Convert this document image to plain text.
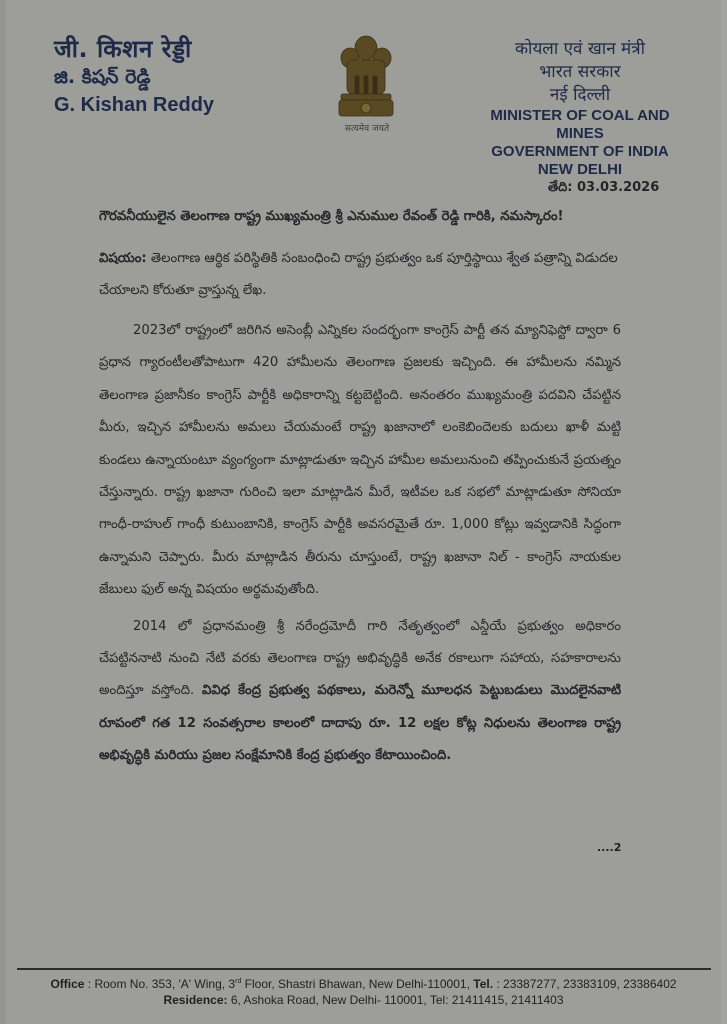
जी. किशन रेड्डी
జి. కిషన్ రెడ్డి
G. Kishan Reddy
सत्यमेव जयते
कोयला एवं खान मंत्री
भारत सरकार
नई दिल्ली
MINISTER OF COAL AND MINES
GOVERNMENT OF INDIA
NEW DELHI
తేది: 03.03.2026
గౌరవనీయులైన తెలంగాణ రాష్ట్ర ముఖ్యమంత్రి శ్రీ ఎనుముల రేవంత్ రెడ్డి గారికి, నమస్కారం!
విషయం: తెలంగాణ ఆర్థిక పరిస్థితికి సంబంధించి రాష్ట్ర ప్రభుత్వం ఒక పూర్తిస్థాయి శ్వేత పత్రాన్ని విడుదల చేయాలని కోరుతూ వ్రాస్తున్న లేఖ.
2023లో రాష్ట్రంలో జరిగిన అసెంబ్లీ ఎన్నికల సందర్భంగా కాంగ్రెస్ పార్టీ తన మ్యానిఫెస్టో ద్వారా 6 ప్రధాన గ్యారంటీలతోపాటుగా 420 హామీలను తెలంగాణ ప్రజలకు ఇచ్చింది. ఈ హామీలను నమ్మిన తెలంగాణ ప్రజానీకం కాంగ్రెస్ పార్టీకి అధికారాన్ని కట్టబెట్టింది. అనంతరం ముఖ్యమంత్రి పదవిని చేపట్టిన మీరు, ఇచ్చిన హామీలను అమలు చేయమంటే రాష్ట్ర ఖజానాలో లంకెబిందెలకు బదులు ఖాళీ మట్టి కుండలు ఉన్నాయంటూ వ్యంగ్యంగా మాట్లాడుతూ ఇచ్చిన హామీల అమలునుంచి తప్పించుకునే ప్రయత్నం చేస్తున్నారు. రాష్ట్ర ఖజానా గురించి ఇలా మాట్లాడిన మీరే, ఇటీవల ఒక సభలో మాట్లాడుతూ సోనియా గాంధీ-రాహుల్ గాంధీ కుటుంబానికి, కాంగ్రెస్ పార్టీకి అవసరమైతే రూ. 1,000 కోట్లు ఇవ్వడానికి సిద్ధంగా ఉన్నామని చెప్పారు. మీరు మాట్లాడిన తీరును చూస్తుంటే, రాష్ట్ర ఖజానా నిల్ - కాంగ్రెస్ నాయకుల జేబులు ఫుల్ అన్న విషయం అర్థమవుతోంది.
2014 లో ప్రధానమంత్రి శ్రీ నరేంద్రమోదీ గారి నేతృత్వంలో ఎన్డీయే ప్రభుత్వం అధికారం చేపట్టిననాటి నుంచి నేటి వరకు తెలంగాణ రాష్ట్ర అభివృద్ధికి అనేక రకాలుగా సహాయ, సహకారాలను అందిస్తూ వస్తోంది. వివిధ కేంద్ర ప్రభుత్వ పథకాలు, మరెన్నో మూలధన పెట్టుబడులు మొదలైనవాటి రూపంలో గత 12 సంవత్సరాల కాలంలో దాదాపు రూ. 12 లక్షల కోట్ల నిధులను తెలంగాణ రాష్ట్ర అభివృద్ధికి మరియు ప్రజల సంక్షేమానికి కేంద్ర ప్రభుత్వం కేటాయించింది.
....2
Office : Room No. 353, 'A' Wing, 3rd Floor, Shastri Bhawan, New Delhi-110001, Tel. : 23387277, 23383109, 23386402
Residence: 6, Ashoka Road, New Delhi- 110001, Tel: 21411415, 21411403
